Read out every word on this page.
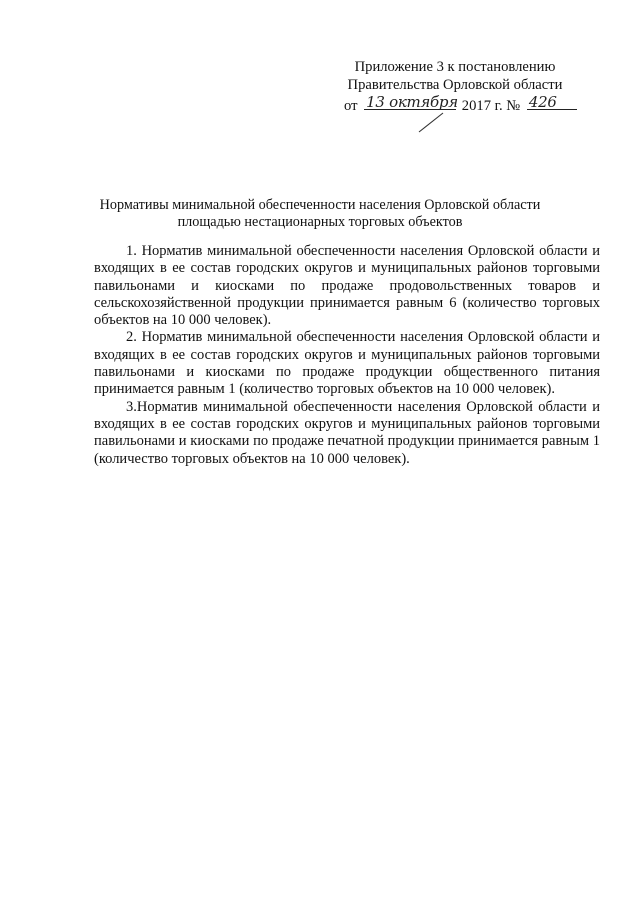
Приложение 3 к постановлению
Правительства Орловской области
от 13 октября 2017 г. № 426
Нормативы минимальной обеспеченности населения Орловской области
площадью нестационарных торговых объектов

1. Норматив минимальной обеспеченности населения Орловской области и входящих в ее состав городских округов и муниципальных районов торговыми павильонами и киосками по продаже продовольственных товаров и сельскохозяйственной продукции принимается равным 6 (количество торговых объектов на 10 000 человек).

2. Норматив минимальной обеспеченности населения Орловской области и входящих в ее состав городских округов и муниципальных районов торговыми павильонами и киосками по продаже продукции общественного питания принимается равным 1 (количество торговых объектов на 10 000 человек).

3.Норматив минимальной обеспеченности населения Орловской области и входящих в ее состав городских округов и муниципальных районов торговыми павильонами и киосками по продаже печатной продукции принимается равным 1 (количество торговых объектов на 10 000 человек).
